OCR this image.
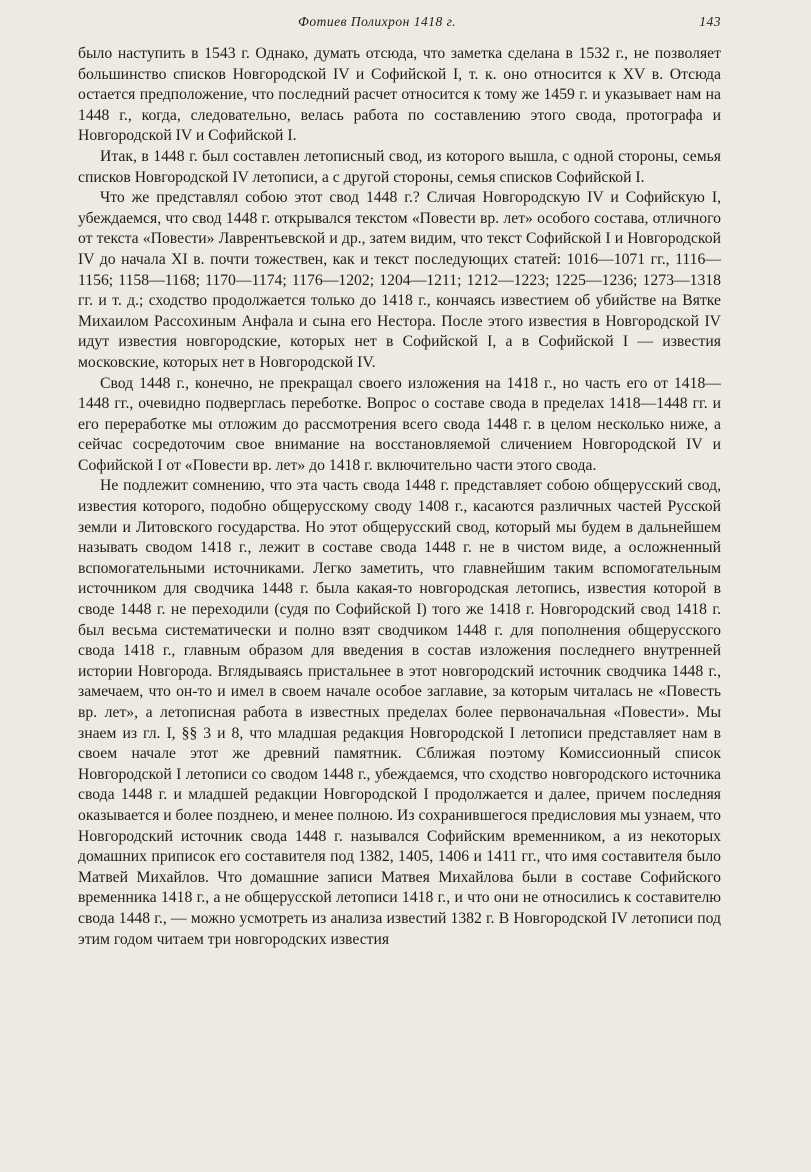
Фотиев Полихрон 1418 г.	143

было наступить в 1543 г. Однако, думать отсюда, что заметка сделана в 1532 г., не позволяет большинство списков Новгородской IV и Софийской I, т. к. оно относится к XV в. Отсюда остается предположение, что последний расчет относится к тому же 1459 г. и указывает нам на 1448 г., когда, следовательно, велась работа по составлению этого свода, протографа и Новгородской IV и Софийской I.

Итак, в 1448 г. был составлен летописный свод, из которого вышла, с одной стороны, семья списков Новгородской IV летописи, а с другой стороны, семья списков Софийской I.

Что же представлял собою этот свод 1448 г.? Сличая Новгородскую IV и Софийскую I, убеждаемся, что свод 1448 г. открывался текстом «Повести вр. лет» особого состава, отличного от текста «Повести» Лаврентьевской и др., затем видим, что текст Софийской I и Новгородской IV до начала XI в. почти тожествен, как и текст последующих статей: 1016—1071 гг., 1116—1156; 1158—1168; 1170—1174; 1176—1202; 1204—1211; 1212—1223; 1225—1236; 1273—1318 гг. и т. д.; сходство продолжается только до 1418 г., кончаясь известием об убийстве на Вятке Михаилом Рассохиным Анфала и сына его Нестора. После этого известия в Новгородской IV идут известия новгородские, которых нет в Софийской I, а в Софийской I — известия московские, которых нет в Новгородской IV.

Свод 1448 г., конечно, не прекращал своего изложения на 1418 г., но часть его от 1418—1448 гг., очевидно подверглась переботке. Вопрос о составе свода в пределах 1418—1448 гг. и его переработке мы отложим до рассмотрения всего свода 1448 г. в целом несколько ниже, а сейчас сосредоточим свое внимание на восстановляемой сличением Новгородской IV и Софийской I от «Повести вр. лет» до 1418 г. включительно части этого свода.

Не подлежит сомнению, что эта часть свода 1448 г. представляет собою общерусский свод, известия которого, подобно общерусскому своду 1408 г., касаются различных частей Русской земли и Литовского государства. Но этот общерусский свод, который мы будем в дальнейшем называть сводом 1418 г., лежит в составе свода 1448 г. не в чистом виде, а осложненный вспомогательными источниками. Легко заметить, что главнейшим таким вспомогательным источником для сводчика 1448 г. была какая-то новгородская летопись, известия которой в своде 1448 г. не переходили (судя по Софийской I) того же 1418 г. Новгородский свод 1418 г. был весьма систематически и полно взят сводчиком 1448 г. для пополнения общерусского свода 1418 г., главным образом для введения в состав изложения последнего внутренней истории Новгорода. Вглядываясь пристальнее в этот новгородский источник сводчика 1448 г., замечаем, что он-то и имел в своем начале особое заглавие, за которым читалась не «Повесть вр. лет», а летописная работа в известных пределах более первоначальная «Повести». Мы знаем из гл. I, §§ 3 и 8, что младшая редакция Новгородской I летописи представляет нам в своем начале этот же древний памятник. Сближая поэтому Комиссионный список Новгородской I летописи со сводом 1448 г., убеждаемся, что сходство новгородского источника свода 1448 г. и младшей редакции Новгородской I продолжается и далее, причем последняя оказывается и более позднею, и менее полною. Из сохранившегося предисловия мы узнаем, что Новгородский источник свода 1448 г. назывался Софийским временником, а из некоторых домашних приписок его составителя под 1382, 1405, 1406 и 1411 гг., что имя составителя было Матвей Михайлов. Что домашние записи Матвея Михайлова были в составе Софийского временника 1418 г., а не общерусской летописи 1418 г., и что они не относились к составителю свода 1448 г., — можно усмотреть из анализа известий 1382 г. В Новгородской IV летописи под этим годом читаем три новгородских известия
